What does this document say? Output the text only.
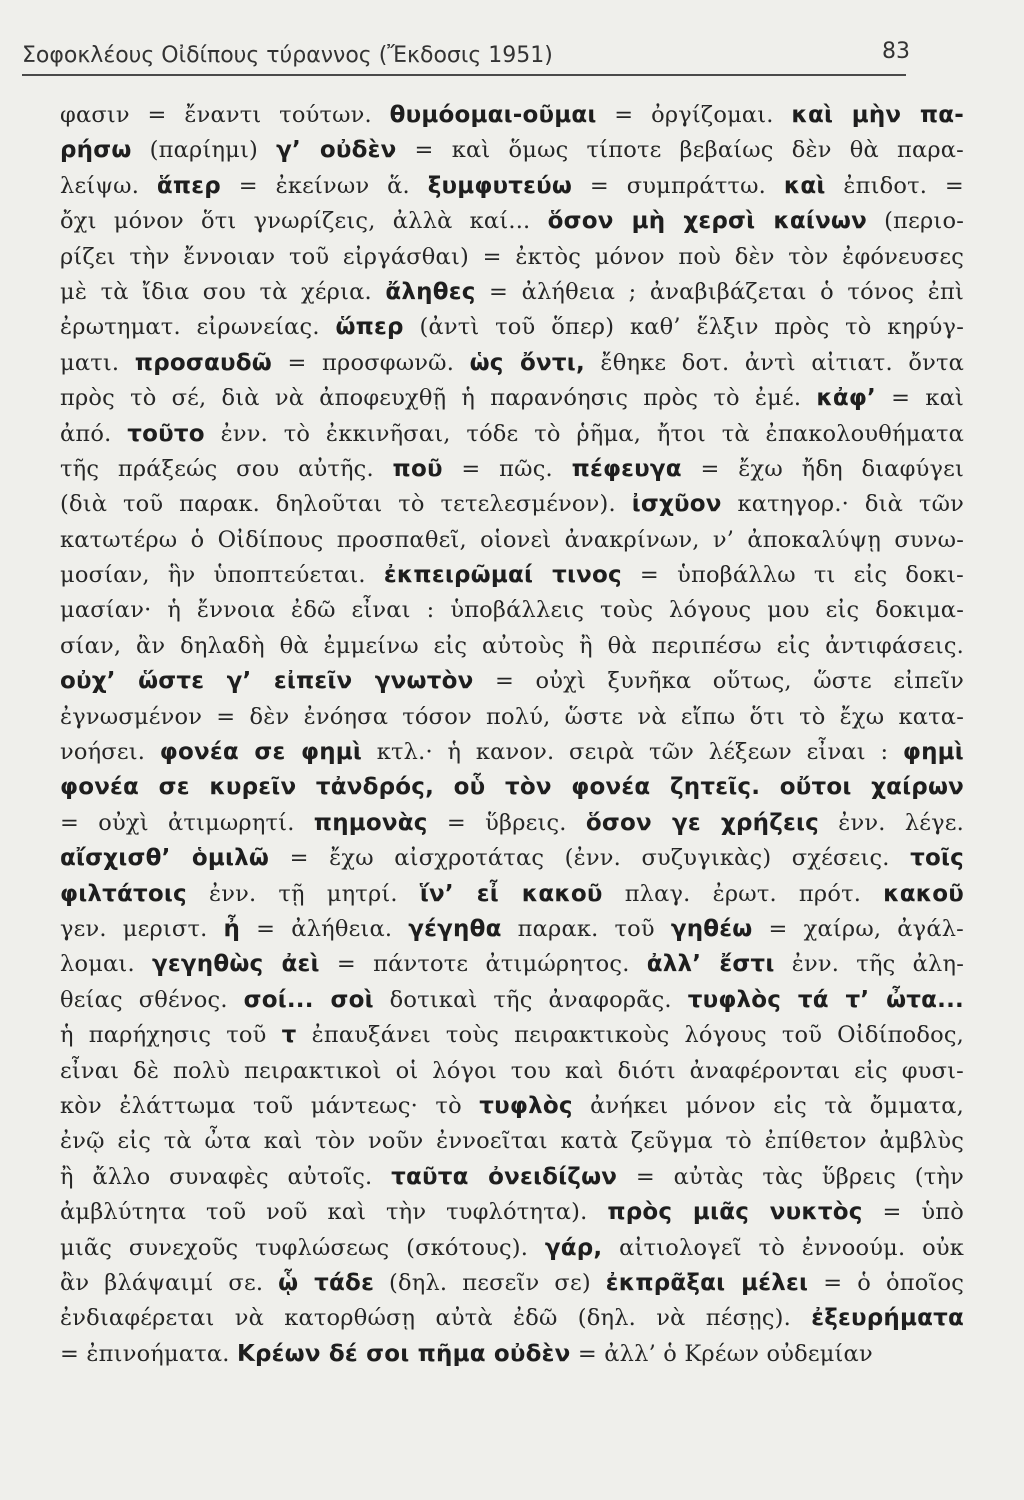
Σοφοκλέους Οἰδίπους τύραννος (Ἔκδοσις 1951)	83
φασιν = ἔναντι τούτων. θυμόομαι-οῦμαι = ὀργίζομαι. καὶ μὴν πα-
ρήσω (παρίημι) γ’ οὐδὲν = καὶ ὅμως τίποτε βεβαίως δὲν θὰ παρα-
λείψω. ἅπερ = ἐκείνων ἅ. ξυμφυτεύω = συμπράττω. καὶ ἐπιδοτ. =
ὄχι μόνον ὅτι γνωρίζεις, ἀλλὰ καί... ὅσον μὴ χερσὶ καίνων (περιο-
ρίζει τὴν ἔννοιαν τοῦ εἰργάσθαι) = ἐκτὸς μόνον ποὺ δὲν τὸν ἐφόνευσες
μὲ τὰ ἴδια σου τὰ χέρια. ἄληθες = ἀλήθεια ; ἀναβιβάζεται ὁ τόνος ἐπὶ
ἐρωτηματ. εἰρωνείας. ὥπερ (ἀντὶ τοῦ ὅπερ) καθ’ ἕλξιν πρὸς τὸ κηρύγ-
ματι. προσαυδῶ = προσφωνῶ. ὡς ὄντι, ἔθηκε δοτ. ἀντὶ αἰτιατ. ὄντα
πρὸς τὸ σέ, διὰ νὰ ἀποφευχθῇ ἡ παρανόησις πρὸς τὸ ἐμέ. κἀφ’ = καὶ
ἀπό. τοῦτο ἐνν. τὸ ἐκκινῆσαι, τόδε τὸ ῥῆμα, ἤτοι τὰ ἐπακολουθήματα
τῆς πράξεώς σου αὐτῆς. ποῦ = πῶς. πέφευγα = ἔχω ἤδη διαφύγει
(διὰ τοῦ παρακ. δηλοῦται τὸ τετελεσμένον). ἰσχῦον κατηγορ.· διὰ τῶν
κατωτέρω ὁ Οἰδίπους προσπαθεῖ, οἱονεὶ ἀνακρίνων, ν’ ἀποκαλύψῃ συνω-
μοσίαν, ἣν ὑποπτεύεται. ἐκπειρῶμαί τινος = ὑποβάλλω τι εἰς δοκι-
μασίαν· ἡ ἔννοια ἐδῶ εἶναι : ὑποβάλλεις τοὺς λόγους μου εἰς δοκιμα-
σίαν, ἂν δηλαδὴ θὰ ἐμμείνω εἰς αὐτοὺς ἢ θὰ περιπέσω εἰς ἀντιφάσεις.
οὐχ’ ὥστε γ’ εἰπεῖν γνωτὸν = οὐχὶ ξυνῆκα οὕτως, ὥστε εἰπεῖν
ἐγνωσμένον = δὲν ἐνόησα τόσον πολύ, ὥστε νὰ εἴπω ὅτι τὸ ἔχω κατα-
νοήσει. φονέα σε φημὶ κτλ.· ἡ κανον. σειρὰ τῶν λέξεων εἶναι : φημὶ
φονέα σε κυρεῖν τἀνδρός, οὗ τὸν φονέα ζητεῖς. οὔτοι χαίρων
= οὐχὶ ἀτιμωρητί. πημονὰς = ὕβρεις. ὅσον γε χρήζεις ἐνν. λέγε.
αἴσχισθ’ ὁμιλῶ = ἔχω αἰσχροτάτας (ἐνν. συζυγικὰς) σχέσεις. τοῖς
φιλτάτοις ἐνν. τῇ μητρί. ἵν’ εἶ κακοῦ πλαγ. ἐρωτ. πρότ. κακοῦ
γεν. μεριστ. ἦ = ἀλήθεια. γέγηθα παρακ. τοῦ γηθέω = χαίρω, ἀγάλ-
λομαι. γεγηθὼς ἀεὶ = πάντοτε ἀτιμώρητος. ἀλλ’ ἔστι ἐνν. τῆς ἀλη-
θείας σθένος. σοί... σοὶ δοτικαὶ τῆς ἀναφορᾶς. τυφλὸς τά τ’ ὦτα...
ἡ παρήχησις τοῦ τ ἐπαυξάνει τοὺς πειρακτικοὺς λόγους τοῦ Οἰδίποδος,
εἶναι δὲ πολὺ πειρακτικοὶ οἱ λόγοι του καὶ διότι ἀναφέρονται εἰς φυσι-
κὸν ἐλάττωμα τοῦ μάντεως· τὸ τυφλὸς ἀνήκει μόνον εἰς τὰ ὄμματα,
ἐνῷ εἰς τὰ ὦτα καὶ τὸν νοῦν ἐννοεῖται κατὰ ζεῦγμα τὸ ἐπίθετον ἀμβλὺς
ἢ ἄλλο συναφὲς αὐτοῖς. ταῦτα ὀνειδίζων = αὐτὰς τὰς ὕβρεις (τὴν
ἀμβλύτητα τοῦ νοῦ καὶ τὴν τυφλότητα). πρὸς μιᾶς νυκτὸς = ὑπὸ
μιᾶς συνεχοῦς τυφλώσεως (σκότους). γάρ, αἰτιολογεῖ τὸ ἐννοούμ. οὐκ
ἂν βλάψαιμί σε. ᾧ τάδε (δηλ. πεσεῖν σε) ἐκπρᾶξαι μέλει = ὁ ὁποῖος
ἐνδιαφέρεται νὰ κατορθώσῃ αὐτὰ ἐδῶ (δηλ. νὰ πέσῃς). ἐξευρήματα
= ἐπινοήματα. Κρέων δέ σοι πῆμα οὐδὲν = ἀλλ’ ὁ Κρέων οὐδεμίαν
